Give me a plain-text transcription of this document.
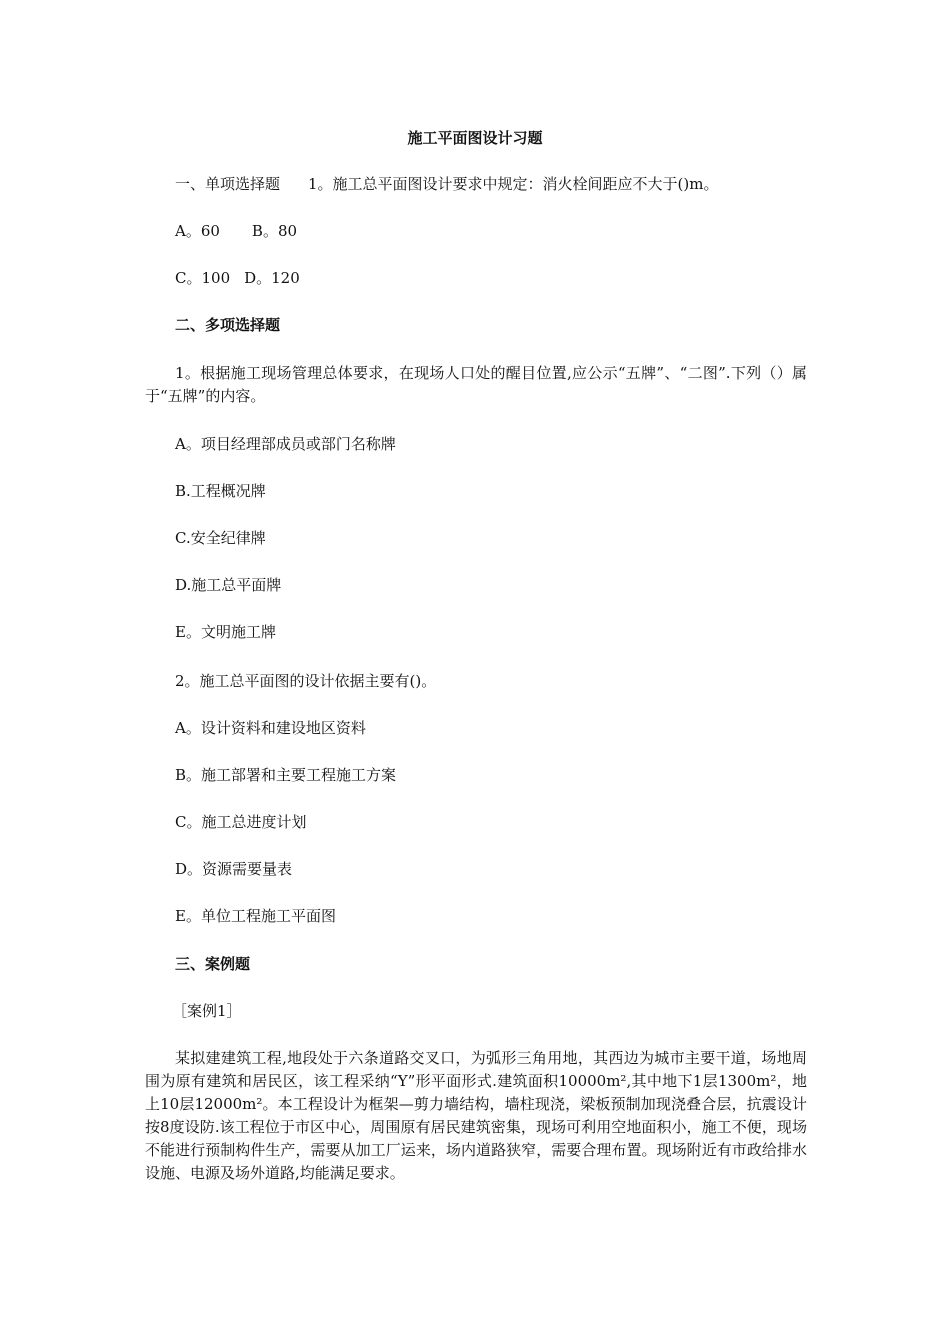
施工平面图设计习题
一、单项选择题 1。施工总平面图设计要求中规定：消火栓间距应不大于()m。
A。60 B。80
C。100 D。120
二、多项选择题
1。根据施工现场管理总体要求，在现场人口处的醒目位置,应公示“五牌”、“二图”.下列（）属于“五牌”的内容。
A。项目经理部成员或部门名称牌
B.工程概况牌
C.安全纪律牌
D.施工总平面牌
E。文明施工牌
2。施工总平面图的设计依据主要有()。
A。设计资料和建设地区资料
B。施工部署和主要工程施工方案
C。施工总进度计划
D。资源需要量表
E。单位工程施工平面图
三、案例题
［案例1］
某拟建建筑工程,地段处于六条道路交叉口，为弧形三角用地，其西边为城市主要干道，场地周围为原有建筑和居民区，该工程采纳“Y”形平面形式.建筑面积10000m²,其中地下1层1300m²，地上10层12000m²。本工程设计为框架—剪力墙结构，墙柱现浇，梁板预制加现浇叠合层，抗震设计按8度设防.该工程位于市区中心，周围原有居民建筑密集，现场可利用空地面积小，施工不便，现场不能进行预制构件生产，需要从加工厂运来，场内道路狭窄，需要合理布置。现场附近有市政给排水设施、电源及场外道路,均能满足要求。
